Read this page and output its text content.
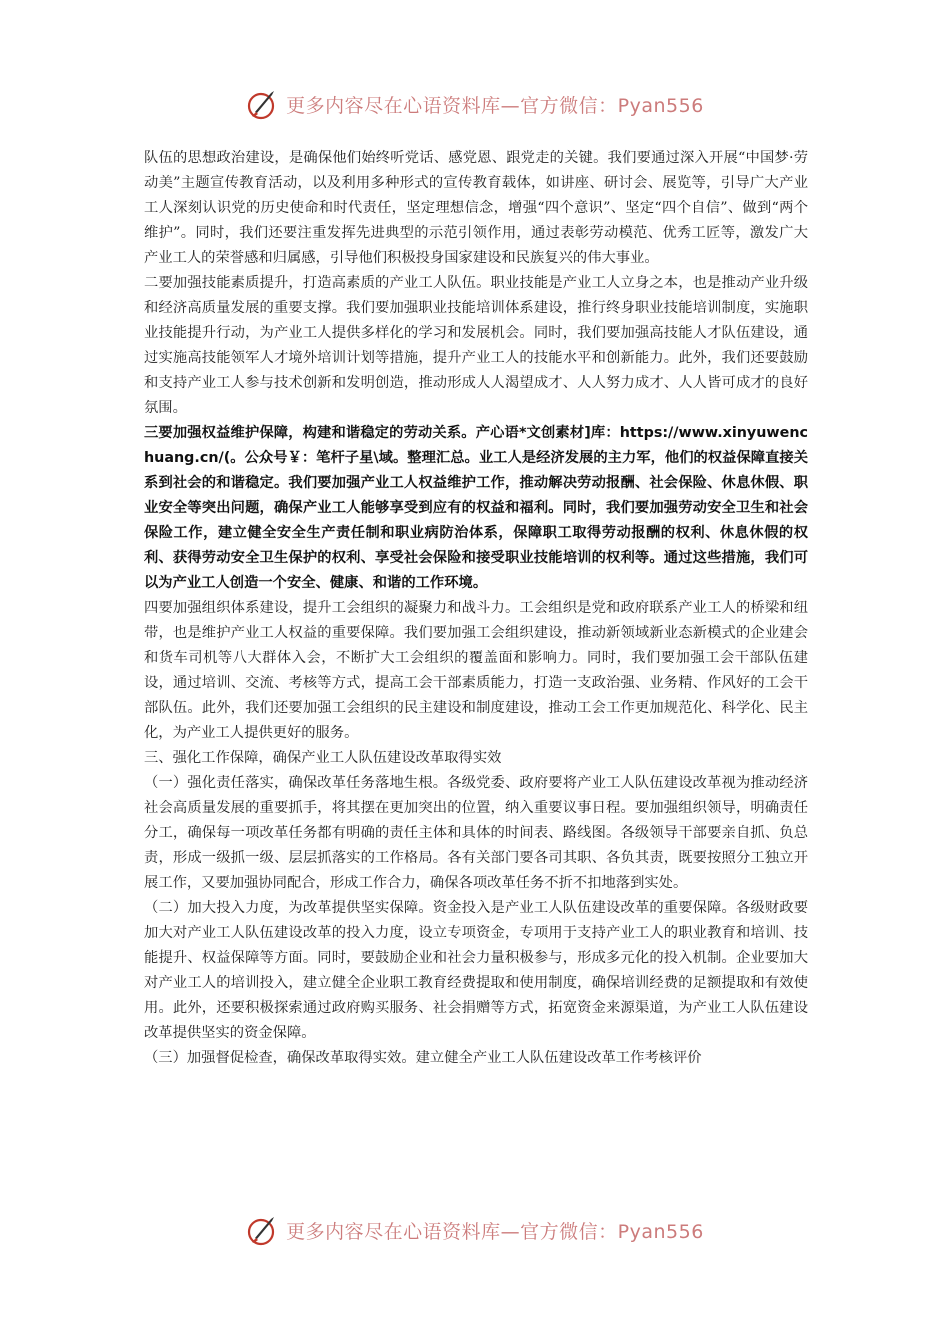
更多内容尽在心语资料库—官方微信：Pyan556

队伍的思想政治建设，是确保他们始终听党话、感党恩、跟党走的关键。我们要通过深入开展“中国梦·劳动美”主题宣传教育活动，以及利用多种形式的宣传教育载体，如讲座、研讨会、展览等，引导广大产业工人深刻认识党的历史使命和时代责任，坚定理想信念，增强“四个意识”、坚定“四个自信”、做到“两个维护”。同时，我们还要注重发挥先进典型的示范引领作用，通过表彰劳动模范、优秀工匠等，激发广大产业工人的荣誉感和归属感，引导他们积极投身国家建设和民族复兴的伟大事业。

二要加强技能素质提升，打造高素质的产业工人队伍。职业技能是产业工人立身之本，也是推动产业升级和经济高质量发展的重要支撑。我们要加强职业技能培训体系建设，推行终身职业技能培训制度，实施职业技能提升行动，为产业工人提供多样化的学习和发展机会。同时，我们要加强高技能人才队伍建设，通过实施高技能领军人才境外培训计划等措施，提升产业工人的技能水平和创新能力。此外，我们还要鼓励和支持产业工人参与技术创新和发明创造，推动形成人人渴望成才、人人努力成才、人人皆可成才的良好氛围。

三要加强权益维护保障，构建和谐稳定的劳动关系。产心语*文创素材]库：https://www.xinyuwenchuang.cn/(。公众号￥：笔杆子星\域。整理汇总。业工人是经济发展的主力军，他们的权益保障直接关系到社会的和谐稳定。我们要加强产业工人权益维护工作，推动解决劳动报酬、社会保险、休息休假、职业安全等突出问题，确保产业工人能够享受到应有的权益和福利。同时，我们要加强劳动安全卫生和社会保险工作，建立健全安全生产责任制和职业病防治体系，保障职工取得劳动报酬的权利、休息休假的权利、获得劳动安全卫生保护的权利、享受社会保险和接受职业技能培训的权利等。通过这些措施，我们可以为产业工人创造一个安全、健康、和谐的工作环境。

四要加强组织体系建设，提升工会组织的凝聚力和战斗力。工会组织是党和政府联系产业工人的桥梁和纽带，也是维护产业工人权益的重要保障。我们要加强工会组织建设，推动新领域新业态新模式的企业建会和货车司机等八大群体入会，不断扩大工会组织的覆盖面和影响力。同时，我们要加强工会干部队伍建设，通过培训、交流、考核等方式，提高工会干部素质能力，打造一支政治强、业务精、作风好的工会干部队伍。此外，我们还要加强工会组织的民主建设和制度建设，推动工会工作更加规范化、科学化、民主化，为产业工人提供更好的服务。

三、强化工作保障，确保产业工人队伍建设改革取得实效

（一）强化责任落实，确保改革任务落地生根。各级党委、政府要将产业工人队伍建设改革视为推动经济社会高质量发展的重要抓手，将其摆在更加突出的位置，纳入重要议事日程。要加强组织领导，明确责任分工，确保每一项改革任务都有明确的责任主体和具体的时间表、路线图。各级领导干部要亲自抓、负总责，形成一级抓一级、层层抓落实的工作格局。各有关部门要各司其职、各负其责，既要按照分工独立开展工作，又要加强协同配合，形成工作合力，确保各项改革任务不折不扣地落到实处。

（二）加大投入力度，为改革提供坚实保障。资金投入是产业工人队伍建设改革的重要保障。各级财政要加大对产业工人队伍建设改革的投入力度，设立专项资金，专项用于支持产业工人的职业教育和培训、技能提升、权益保障等方面。同时，要鼓励企业和社会力量积极参与，形成多元化的投入机制。企业要加大对产业工人的培训投入，建立健全企业职工教育经费提取和使用制度，确保培训经费的足额提取和有效使用。此外，还要积极探索通过政府购买服务、社会捐赠等方式，拓宽资金来源渠道，为产业工人队伍建设改革提供坚实的资金保障。

（三）加强督促检查，确保改革取得实效。建立健全产业工人队伍建设改革工作考核评价

更多内容尽在心语资料库—官方微信：Pyan556
